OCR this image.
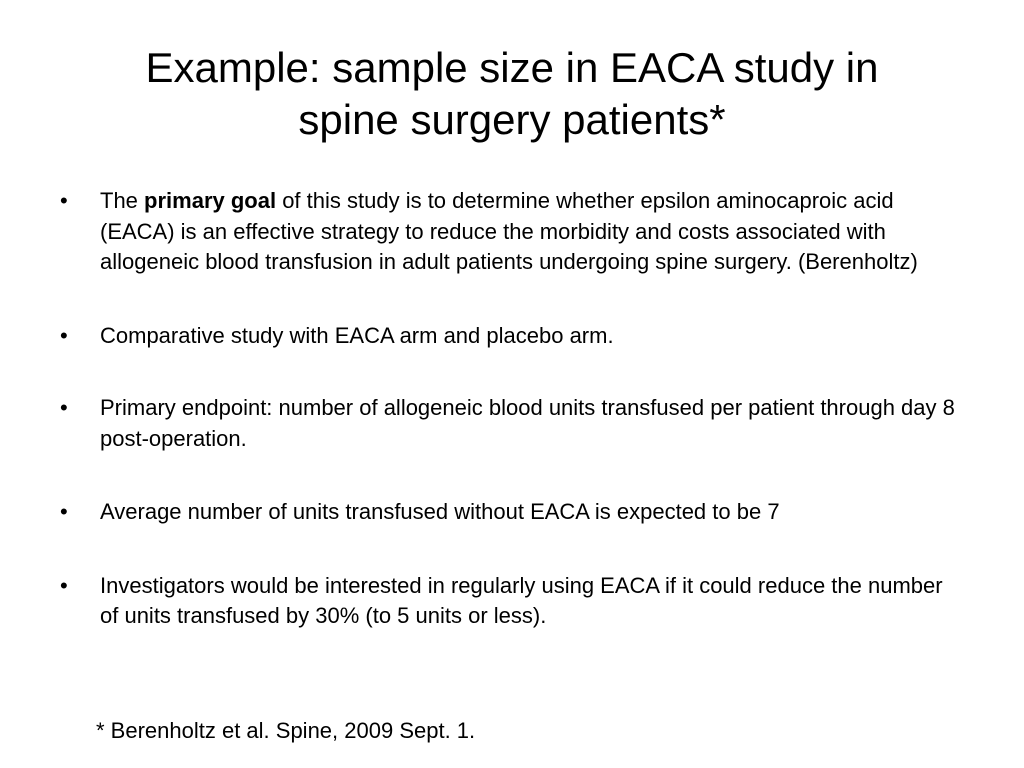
Example: sample size in EACA study in
spine surgery patients*
• The primary goal of this study is to determine whether epsilon aminocaproic acid (EACA) is an effective strategy to reduce the morbidity and costs associated with allogeneic blood transfusion in adult patients undergoing spine surgery. (Berenholtz)
• Comparative study with EACA arm and placebo arm.
• Primary endpoint: number of allogeneic blood units transfused per patient through day 8 post-operation.
• Average number of units transfused without EACA is expected to be 7
• Investigators would be interested in regularly using EACA if it could reduce the number of units transfused by 30% (to 5 units or less).
* Berenholtz et al. Spine, 2009 Sept. 1.
